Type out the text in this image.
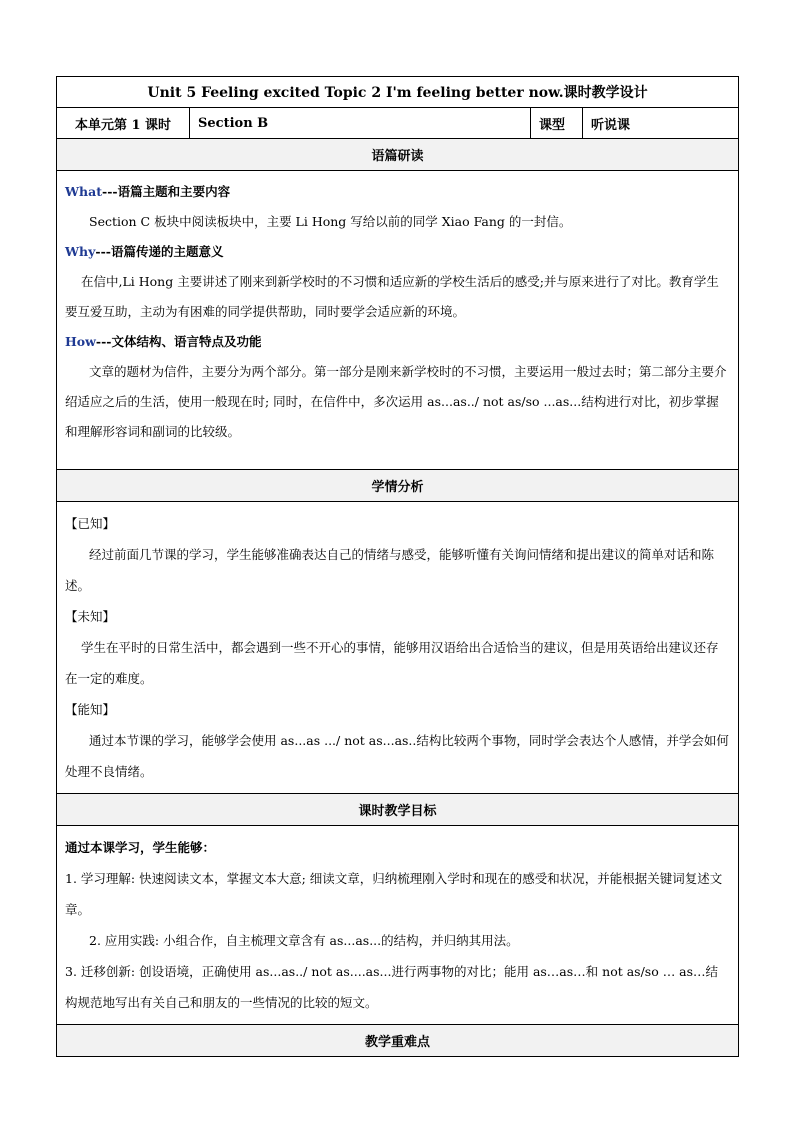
Unit 5 Feeling excited Topic 2 I'm feeling better now.课时教学设计
本单元第 1 课时	Section B	课型	听说课
语篇研读

What---语篇主题和主要内容

Section C 板块中阅读板块中，主要 Li Hong 写给以前的同学 Xiao Fang 的一封信。

Why---语篇传递的主题意义

在信中,Li Hong 主要讲述了刚来到新学校时的不习惯和适应新的学校生活后的感受;并与原来进行了对比。教育学生要互爱互助，主动为有困难的同学提供帮助，同时要学会适应新的环境。

How---文体结构、语言特点及功能

文章的题材为信件，主要分为两个部分。第一部分是刚来新学校时的不习惯，主要运用一般过去时；第二部分主要介绍适应之后的生活，使用一般现在时; 同时，在信件中，多次运用 as...as../ not as/so ...as...结构进行对比，初步掌握和理解形容词和副词的比较级。

学情分析

【已知】

经过前面几节课的学习，学生能够准确表达自己的情绪与感受，能够听懂有关询问情绪和提出建议的简单对话和陈述。

【未知】

学生在平时的日常生活中，都会遇到一些不开心的事情，能够用汉语给出合适恰当的建议，但是用英语给出建议还存在一定的难度。

【能知】

通过本节课的学习，能够学会使用 as...as .../ not as...as..结构比较两个事物，同时学会表达个人感情，并学会如何处理不良情绪。

课时教学目标

通过本课学习，学生能够：

1. 学习理解: 快速阅读文本，掌握文本大意; 细读文章，归纳梳理刚入学时和现在的感受和状况，并能根据关键词复述文章。

2. 应用实践: 小组合作，自主梳理文章含有 as...as...的结构，并归纳其用法。

3. 迁移创新: 创设语境，正确使用 as...as../ not as....as...进行两事物的对比；能用 as…as…和 not as/so … as…结构规范地写出有关自己和朋友的一些情况的比较的短文。

教学重难点
